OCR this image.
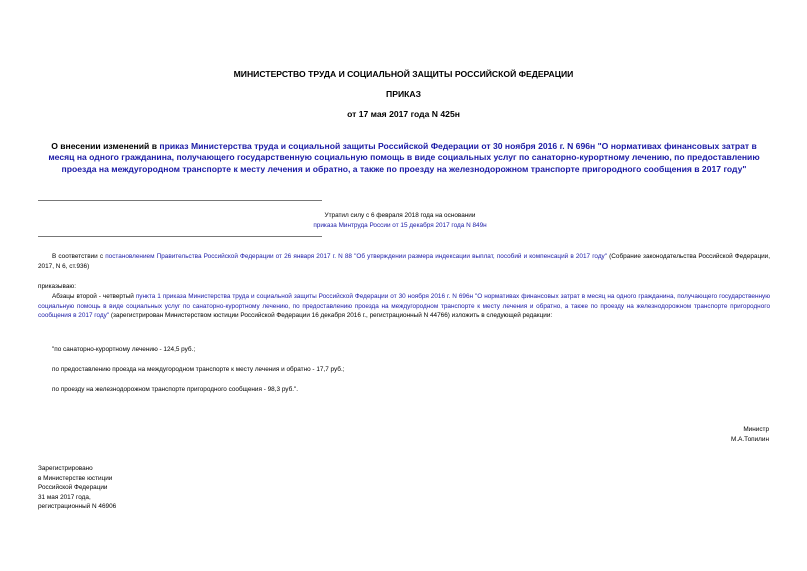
МИНИСТЕРСТВО ТРУДА И СОЦИАЛЬНОЙ ЗАЩИТЫ РОССИЙСКОЙ ФЕДЕРАЦИИ
ПРИКАЗ
от 17 мая 2017 года N 425н
О внесении изменений в приказ Министерства труда и социальной защиты Российской Федерации от 30 ноября 2016 г. N 696н "О нормативах финансовых затрат в месяц на одного гражданина, получающего государственную социальную помощь в виде социальных услуг по санаторно-курортному лечению, по предоставлению проезда на междугородном транспорте к месту лечения и обратно, а также по проезду на железнодорожном транспорте пригородного сообщения в 2017 году"
Утратил силу с 6 февраля 2018 года на основании
приказа Минтруда России от 15 декабря 2017 года N 849н
В соответствии с постановлением Правительства Российской Федерации от 26 января 2017 г. N 88 "Об утверждении размера индексации выплат, пособий и компенсаций в 2017 году" (Собрание законодательства Российской Федерации, 2017, N 6, ст.936)
приказываю:
Абзацы второй - четвертый пункта 1 приказа Министерства труда и социальной защиты Российской Федерации от 30 ноября 2016 г. N 696н "О нормативах финансовых затрат в месяц на одного гражданина, получающего государственную социальную помощь в виде социальных услуг по санаторно-курортному лечению, по предоставлению проезда на междугородном транспорте к месту лечения и обратно, а также по проезду на железнодорожном транспорте пригородного сообщения в 2017 году" (зарегистрирован Министерством юстиции Российской Федерации 16 декабря 2016 г., регистрационный N 44766) изложить в следующей редакции:
"по санаторно-курортному лечению - 124,5 руб.;
по предоставлению проезда на междугородном транспорте к месту лечения и обратно - 17,7 руб.;
по проезду на железнодорожном транспорте пригородного сообщения - 98,3 руб.".
Министр
М.А.Топилин
Зарегистрировано
в Министерстве юстиции
Российской Федерации
31 мая 2017 года,
регистрационный N 46906
